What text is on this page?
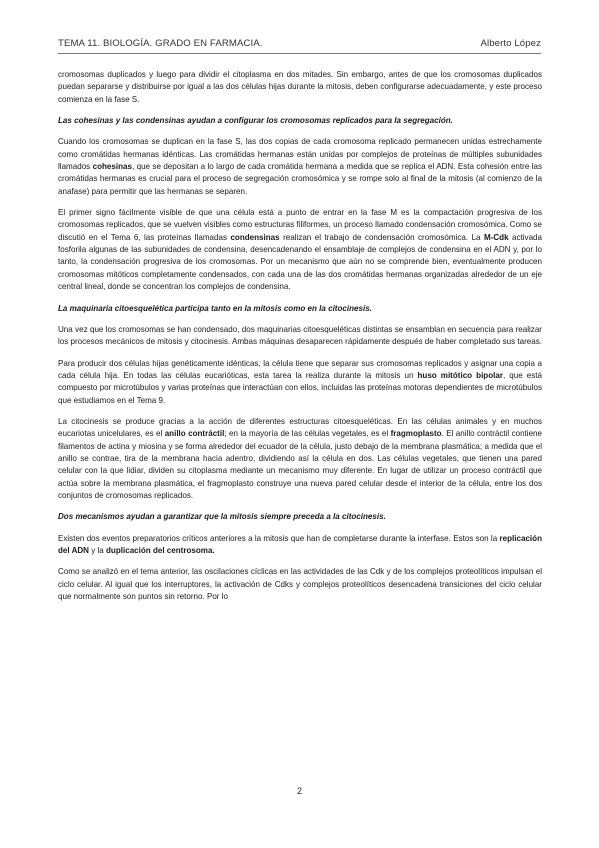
TEMA 11. BIOLOGÍA. GRADO EN FARMACIA.	Alberto López

cromosomas duplicados y luego para dividir el citoplasma en dos mitades. Sin embargo, antes de que los cromosomas duplicados puedan separarse y distribuirse por igual a las dos células hijas durante la mitosis, deben configurarse adecuadamente, y este proceso comienza en la fase S.

Las cohesinas y las condensinas ayudan a configurar los cromosomas replicados para la segregación.

Cuando los cromosomas se duplican en la fase S, las dos copias de cada cromosoma replicado permanecen unidas estrechamente como cromátidas hermanas idénticas. Las cromátidas hermanas están unidas por complejos de proteínas de múltiples subunidades llamados cohesinas, que se depositan a lo largo de cada cromátida hermana a medida que se replica el ADN. Esta cohesión entre las cromátidas hermanas es crucial para el proceso de segregación cromosómica y se rompe solo al final de la mitosis (al comienzo de la anafase) para permitir que las hermanas se separen.

El primer signo fácilmente visible de que una célula está a punto de entrar en la fase M es la compactación progresiva de los cromosomas replicados, que se vuelven visibles como estructuras filiformes, un proceso llamado condensación cromosómica. Como se discutió en el Tema 6, las proteínas llamadas condensinas realizan el trabajo de condensación cromosómica. La M-Cdk activada fosforila algunas de las subunidades de condensina, desencadenando el ensamblaje de complejos de condensina en el ADN y, por lo tanto, la condensación progresiva de los cromosomas. Por un mecanismo que aún no se comprende bien, eventualmente producen cromosomas mitóticos completamente condensados, con cada una de las dos cromátidas hermanas organizadas alrededor de un eje central lineal, donde se concentran los complejos de condensina.

La maquinaria citoesquelética participa tanto en la mitosis como en la citocinesis.

Una vez que los cromosomas se han condensado, dos maquinarias citoesqueléticas distintas se ensamblan en secuencia para realizar los procesos mecánicos de mitosis y citocinesis. Ambas máquinas desaparecen rápidamente después de haber completado sus tareas.

Para producir dos células hijas genéticamente idénticas, la célula tiene que separar sus cromosomas replicados y asignar una copia a cada célula hija. En todas las células eucarióticas, esta tarea la realiza durante la mitosis un huso mitótico bipolar, que está compuesto por microtúbulos y varias proteínas que interactúan con ellos, incluidas las proteínas motoras dependientes de microtúbulos que estudiamos en el Tema 9.

La citocinesis se produce gracias a la acción de diferentes estructuras citoesqueléticas. En las células animales y en muchos eucariotas unicelulares, es el anillo contráctil; en la mayoría de las células vegetales, es el fragmoplasto. El anillo contráctil contiene filamentos de actina y miosina y se forma alrededor del ecuador de la célula, justo debajo de la membrana plasmática; a medida que el anillo se contrae, tira de la membrana hacia adentro, dividiendo así la célula en dos. Las células vegetales, que tienen una pared celular con la que lidiar, dividen su citoplasma mediante un mecanismo muy diferente. En lugar de utilizar un proceso contráctil que actúa sobre la membrana plasmática, el fragmoplasto construye una nueva pared celular desde el interior de la célula, entre los dos conjuntos de cromosomas replicados.

Dos mecanismos ayudan a garantizar que la mitosis siempre preceda a la citocinesis.

Existen dos eventos preparatorios críticos anteriores a la mitosis que han de completarse durante la interfase. Estos son la replicación del ADN y la duplicación del centrosoma.

Como se analizó en el tema anterior, las oscilaciones cíclicas en las actividades de las Cdk y de los complejos proteolíticos impulsan el ciclo celular. Al igual que los interruptores, la activación de Cdks y complejos proteolíticos desencadena transiciones del ciclo celular que normalmente son puntos sin retorno. Por lo

2
